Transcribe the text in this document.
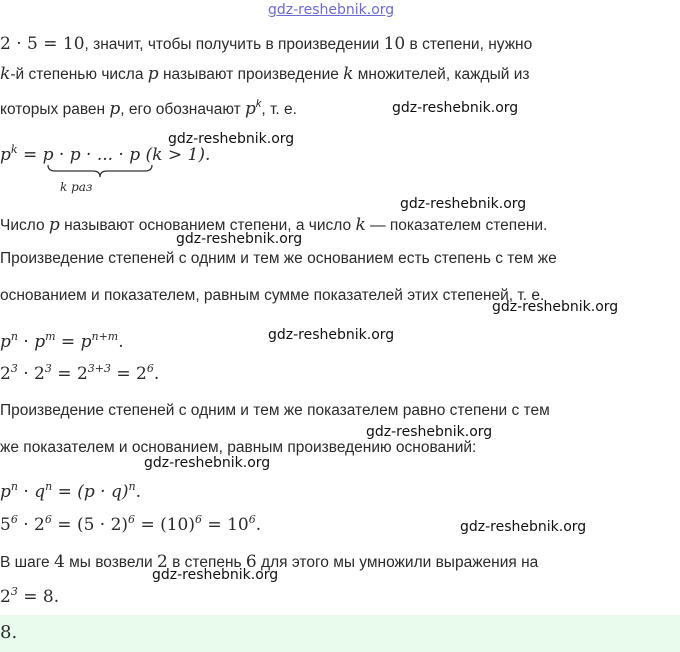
gdz-reshebnik.org
gdz-reshebnik.org
gdz-reshebnik.org
gdz-reshebnik.org
gdz-reshebnik.org
gdz-reshebnik.org
gdz-reshebnik.org
gdz-reshebnik.org
gdz-reshebnik.org
gdz-reshebnik.org
gdz-reshebnik.org
2 · 5 = 10, значит, чтобы получить в произведении 10 в степени, нужно
k-й степенью числа p называют произведение k множителей, каждый из
которых равен p, его обозначают $p^k$, т. е.
$p^k = p \cdot p$ · ... · p (k > 1).
k раз
Число p называют основанием степени, а число k — показателем степени.
Произведение степеней с одним и тем же основанием есть степень с тем же
основанием и показателем, равным сумме показателей этих степеней, т. е.
$p^n \cdot p^m = p^{n+m}$.
$2^3 \cdot 2^3 = 2^{3+3} = 2^6$.
Произведение степеней с одним и тем же показателем равно степени с тем
же показателем и основанием, равным произведению оснований:
$p^n \cdot q^n = (p \cdot q)^n$.
$5^6 \cdot 2^6 = (5 \cdot 2)^6 = (10)^6 = 10^6$.
В шаге 4 мы возвели 2 в степень 6 для этого мы умножили выражения на
$2^3 = 8$.
8.
